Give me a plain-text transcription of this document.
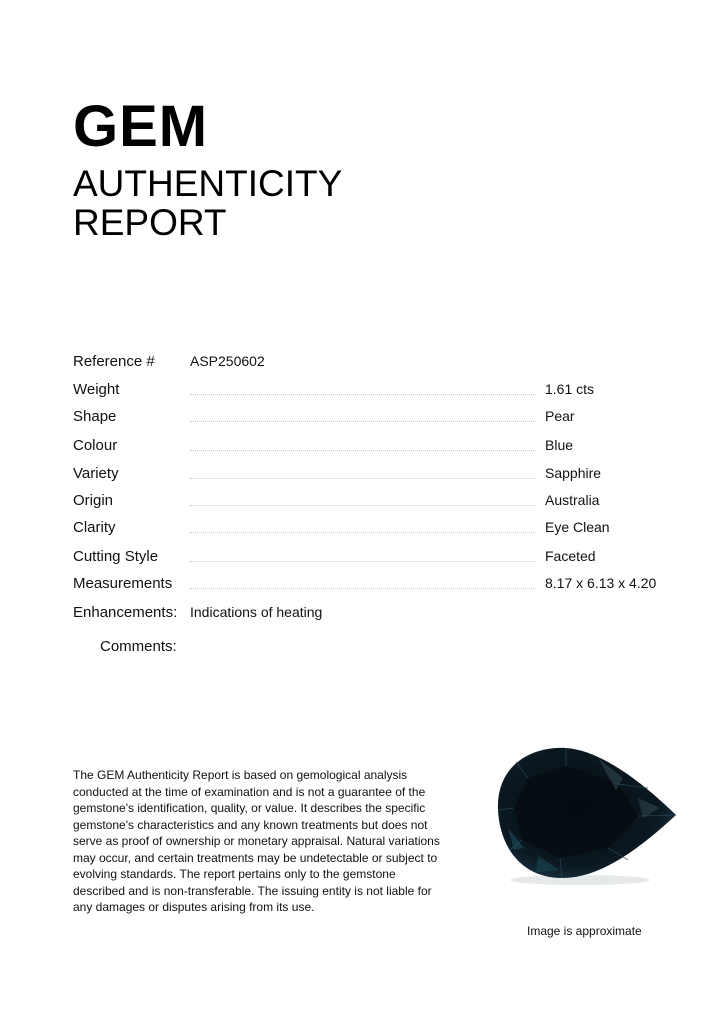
GEM
AUTHENTICITY
REPORT
Reference #	ASP250602
Weight	1.61 cts
Shape	Pear
Colour	Blue
Variety	Sapphire
Origin	Australia
Clarity	Eye Clean
Cutting Style	Faceted
Measurements	8.17 x 6.13 x 4.20
Enhancements: Indications of heating
Comments:
The GEM Authenticity Report is based on gemological analysis conducted at the time of examination and is not a guarantee of the gemstone's identification, quality, or value. It describes the specific gemstone's characteristics and any known treatments but does not serve as proof of ownership or monetary appraisal. Natural variations may occur, and certain treatments may be undetectable or subject to evolving standards. The report pertains only to the gemstone described and is non-transferable. The issuing entity is not liable for any damages or disputes arising from its use.
Image is approximate
